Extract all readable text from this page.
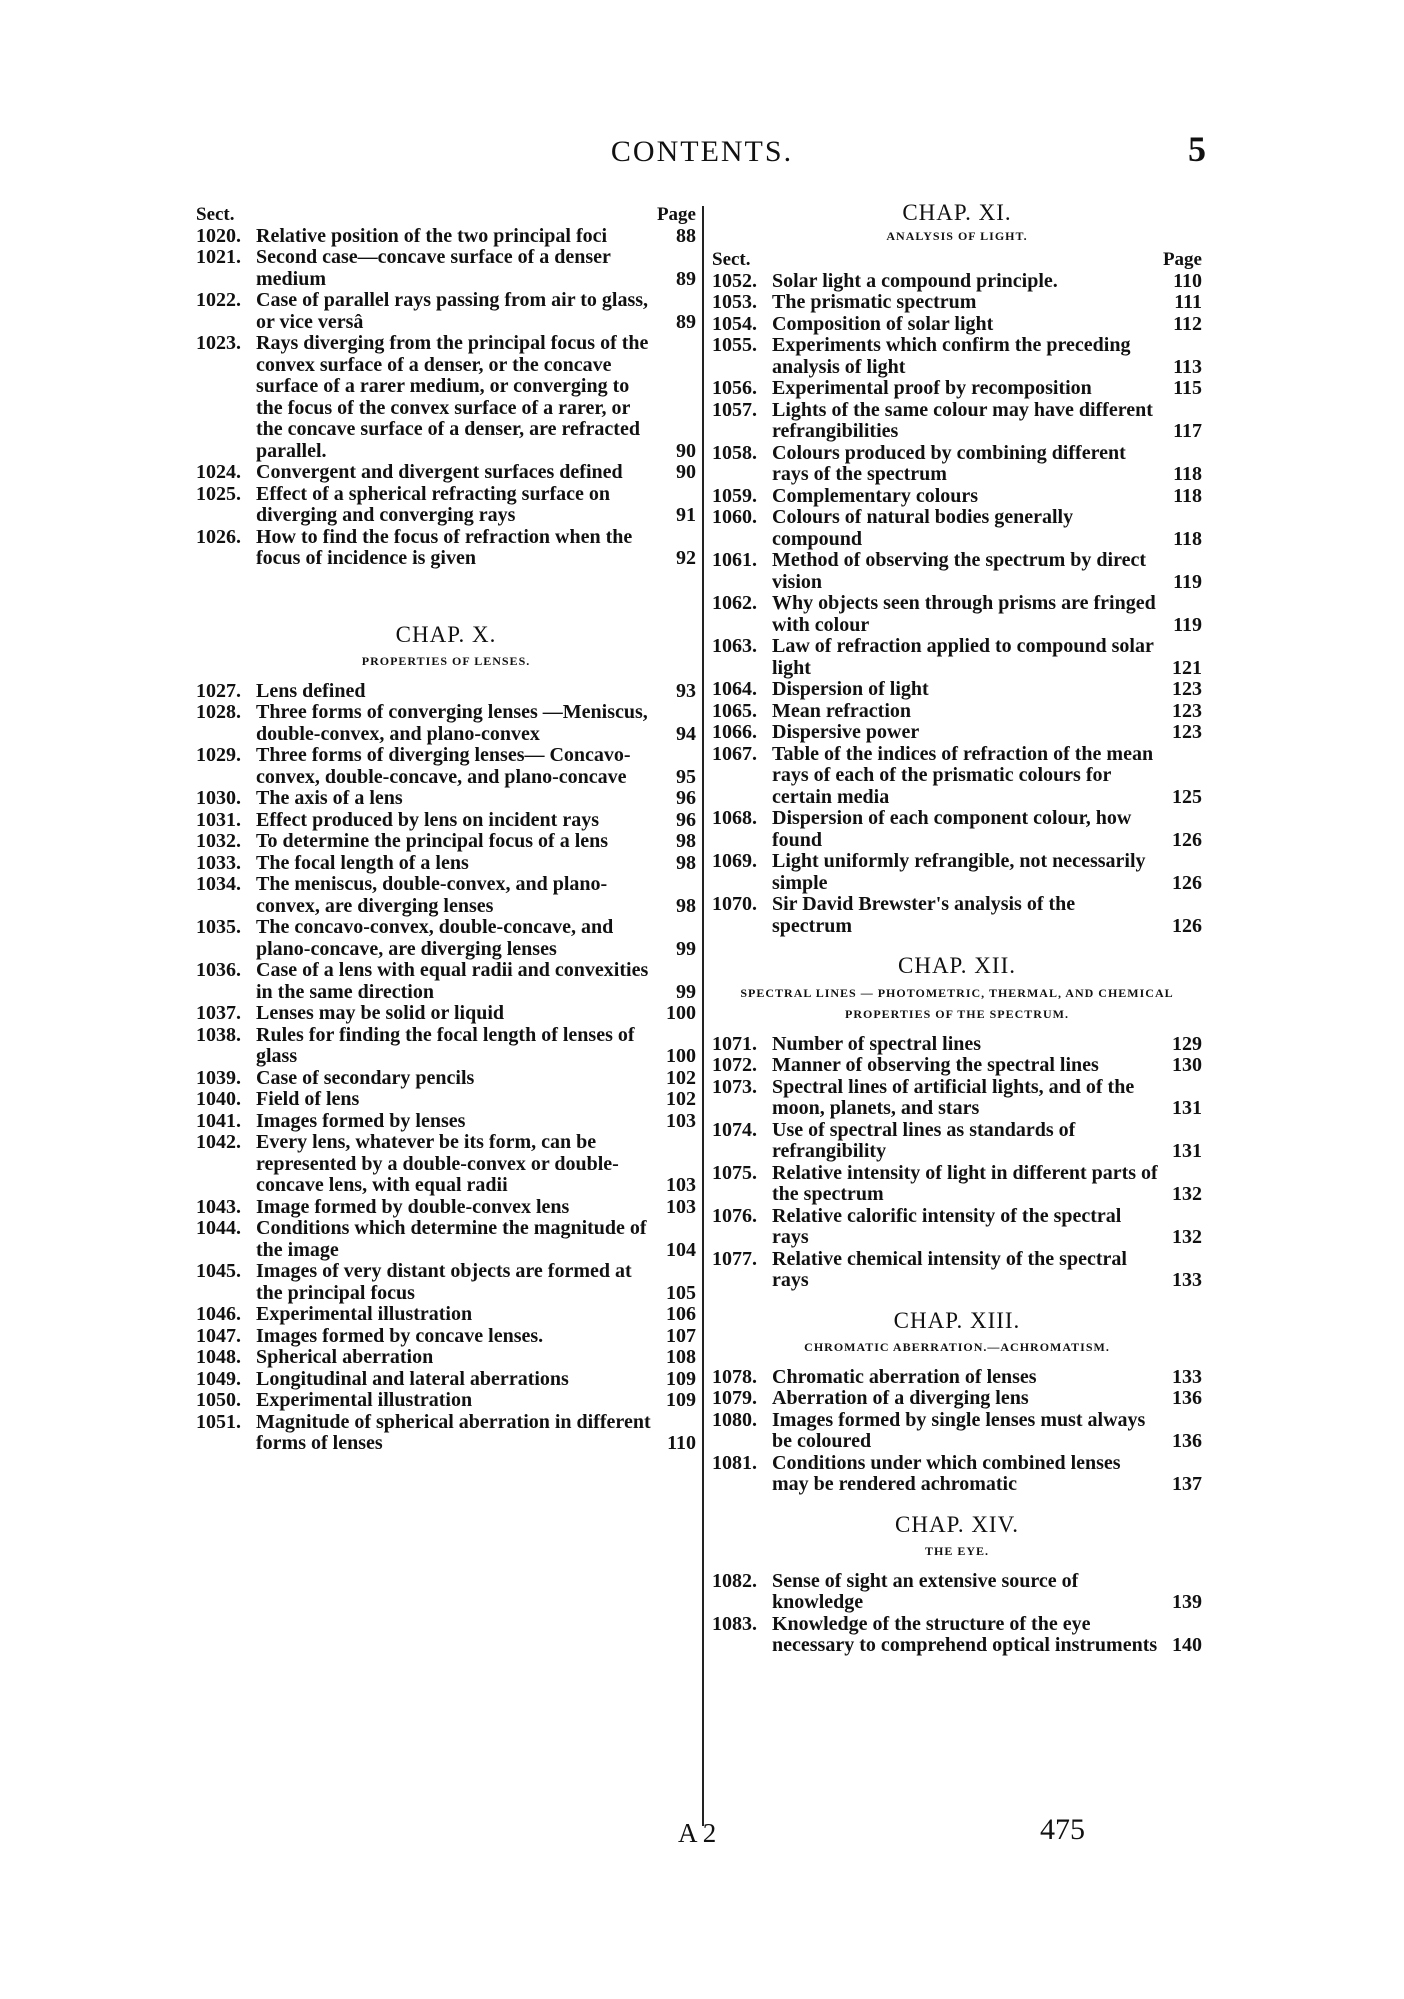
CONTENTS.	5
Sect.	Page
1020. Relative position of the two principal foci	88
1021. Second case—concave surface of a denser medium	89
1022. Case of parallel rays passing from air to glass, or vice versâ	89
1023. Rays diverging from the principal focus of the convex surface of a denser, or the concave surface of a rarer medium, or converging to the focus of the convex surface of a rarer, or the concave surface of a denser, are refracted parallel.	90
1024. Convergent and divergent surfaces defined	90
1025. Effect of a spherical refracting surface on diverging and converging rays	91
1026. How to find the focus of refraction when the focus of incidence is given	92
CHAP. X.
PROPERTIES OF LENSES.
1027. Lens defined	93
1028. Three forms of converging lenses —Meniscus, double-convex, and plano-convex	94
1029. Three forms of diverging lenses— Concavo-convex, double-concave, and plano-concave	95
1030. The axis of a lens	96
1031. Effect produced by lens on incident rays	96
1032. To determine the principal focus of a lens	98
1033. The focal length of a lens	98
1034. The meniscus, double-convex, and plano-convex, are diverging lenses	98
1035. The concavo-convex, double-concave, and plano-concave, are diverging lenses	99
1036. Case of a lens with equal radii and convexities in the same direction	99
1037. Lenses may be solid or liquid	100
1038. Rules for finding the focal length of lenses of glass	100
1039. Case of secondary pencils	102
1040. Field of lens	102
1041. Images formed by lenses	103
1042. Every lens, whatever be its form, can be represented by a double-convex or double-concave lens, with equal radii	103
1043. Image formed by double-convex lens	103
1044. Conditions which determine the magnitude of the image	104
1045. Images of very distant objects are formed at the principal focus	105
1046. Experimental illustration	106
1047. Images formed by concave lenses.	107
1048. Spherical aberration	108
1049. Longitudinal and lateral aberrations	109
1050. Experimental illustration	109
1051. Magnitude of spherical aberration in different forms of lenses	110
CHAP. XI.
ANALYSIS OF LIGHT.
Sect.	Page
1052. Solar light a compound principle.	110
1053. The prismatic spectrum	111
1054. Composition of solar light	112
1055. Experiments which confirm the preceding analysis of light	113
1056. Experimental proof by recomposition	115
1057. Lights of the same colour may have different refrangibilities	117
1058. Colours produced by combining different rays of the spectrum	118
1059. Complementary colours	118
1060. Colours of natural bodies generally compound	118
1061. Method of observing the spectrum by direct vision	119
1062. Why objects seen through prisms are fringed with colour	119
1063. Law of refraction applied to compound solar light	121
1064. Dispersion of light	123
1065. Mean refraction	123
1066. Dispersive power	123
1067. Table of the indices of refraction of the mean rays of each of the prismatic colours for certain media	125
1068. Dispersion of each component colour, how found	126
1069. Light uniformly refrangible, not necessarily simple	126
1070. Sir David Brewster's analysis of the spectrum	126
CHAP. XII.
SPECTRAL LINES — PHOTOMETRIC, THERMAL, AND CHEMICAL PROPERTIES OF THE SPECTRUM.
1071. Number of spectral lines	129
1072. Manner of observing the spectral lines	130
1073. Spectral lines of artificial lights, and of the moon, planets, and stars	131
1074. Use of spectral lines as standards of refrangibility	131
1075. Relative intensity of light in different parts of the spectrum	132
1076. Relative calorific intensity of the spectral rays	132
1077. Relative chemical intensity of the spectral rays	133
CHAP. XIII.
CHROMATIC ABERRATION.—ACHROMATISM.
1078. Chromatic aberration of lenses	133
1079. Aberration of a diverging lens	136
1080. Images formed by single lenses must always be coloured	136
1081. Conditions under which combined lenses may be rendered achromatic	137
CHAP. XIV.
THE EYE.
1082. Sense of sight an extensive source of knowledge	139
1083. Knowledge of the structure of the eye necessary to comprehend optical instruments 140
A 2	475
